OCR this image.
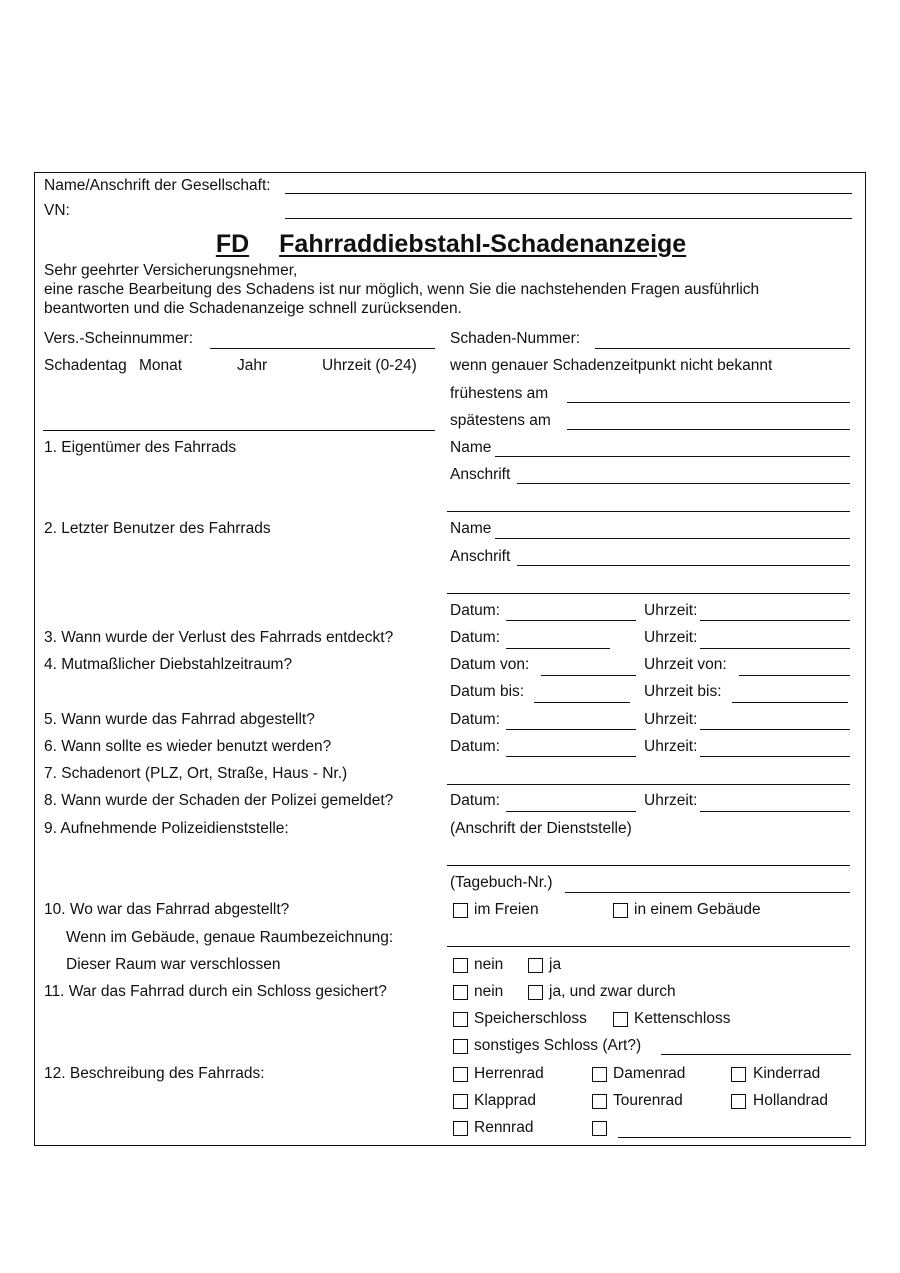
Name/Anschrift der Gesellschaft:
VN:
FD Fahrraddiebstahl-Schadenanzeige
Sehr geehrter Versicherungsnehmer,
eine rasche Bearbeitung des Schadens ist nur möglich, wenn Sie die nachstehenden Fragen ausführlich
beantworten und die Schadenanzeige schnell zurücksenden.
Vers.-Scheinnummer:	Schaden-Nummer:
Schadentag Monat	Jahr	Uhrzeit (0-24) wenn genauer Schadenzeitpunkt nicht bekannt
frühestens am
spätestens am
1. Eigentümer des Fahrrads	Name
Anschrift
2. Letzter Benutzer des Fahrrads	Name
Anschrift
Datum:	Uhrzeit:
3. Wann wurde der Verlust des Fahrrads entdeckt?	Datum:	Uhrzeit:
4. Mutmaßlicher Diebstahlzeitraum?	Datum von:	Uhrzeit von:
Datum bis:	Uhrzeit bis:
5. Wann wurde das Fahrrad abgestellt?	Datum:	Uhrzeit:
6. Wann sollte es wieder benutzt werden?	Datum:	Uhrzeit:
7. Schadenort (PLZ, Ort, Straße, Haus - Nr.)
8. Wann wurde der Schaden der Polizei gemeldet?	Datum:	Uhrzeit:
9. Aufnehmende Polizeidienststelle:	(Anschrift der Dienststelle)
(Tagebuch-Nr.)
10. Wo war das Fahrrad abgestellt?	im Freien	in einem Gebäude
Wenn im Gebäude, genaue Raumbezeichnung:
Dieser Raum war verschlossen	nein	ja
11. War das Fahrrad durch ein Schloss gesichert?	nein	ja, und zwar durch
Speicherschloss	Kettenschloss
sonstiges Schloss (Art?)
12. Beschreibung des Fahrrads:	Herrenrad	Damenrad	Kinderrad
Klapprad	Tourenrad	Hollandrad
Rennrad
